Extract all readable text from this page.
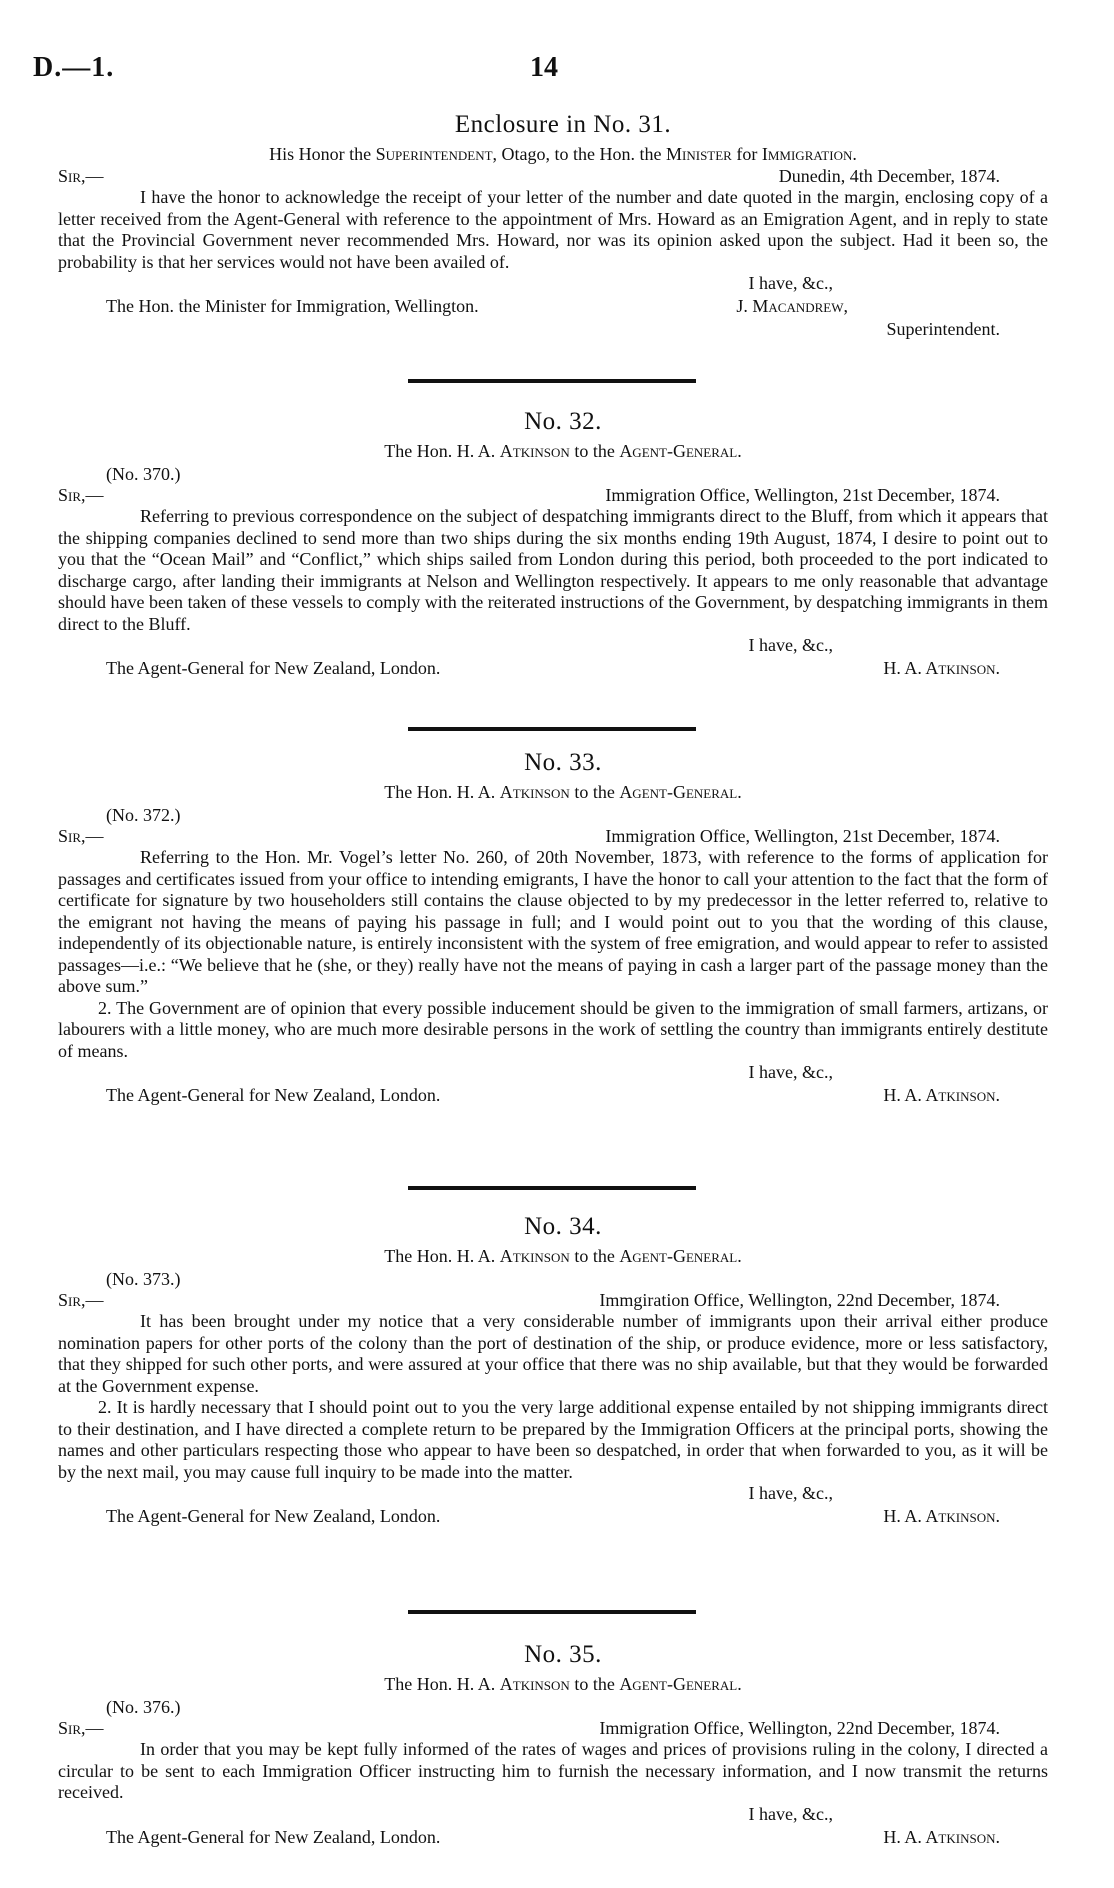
D.—1.	14
Enclosure in No. 31.
His Honor the Superintendent, Otago, to the Hon. the Minister for Immigration.
Sir,—	Dunedin, 4th December, 1874.

I have the honor to acknowledge the receipt of your letter of the number and date quoted in the margin, enclosing copy of a letter received from the Agent-General with reference to the appointment of Mrs. Howard as an Emigration Agent, and in reply to state that the Provincial Government never recommended Mrs. Howard, nor was its opinion asked upon the subject. Had it been so, the probability is that her services would not have been availed of.

I have, &c.,
The Hon. the Minister for Immigration, Wellington.	J. Macandrew,
Superintendent.
No. 32.
The Hon. H. A. Atkinson to the Agent-General.
(No. 370.)
Sir,—	Immigration Office, Wellington, 21st December, 1874.

Referring to previous correspondence on the subject of despatching immigrants direct to the Bluff, from which it appears that the shipping companies declined to send more than two ships during the six months ending 19th August, 1874, I desire to point out to you that the “Ocean Mail” and “Conflict,” which ships sailed from London during this period, both proceeded to the port indicated to discharge cargo, after landing their immigrants at Nelson and Wellington respectively. It appears to me only reasonable that advantage should have been taken of these vessels to comply with the reiterated instructions of the Government, by despatching immigrants in them direct to the Bluff.

I have, &c.,
The Agent-General for New Zealand, London.	H. A. Atkinson.
No. 33.
The Hon. H. A. Atkinson to the Agent-General.
(No. 372.)
Sir,—	Immigration Office, Wellington, 21st December, 1874.

Referring to the Hon. Mr. Vogel’s letter No. 260, of 20th November, 1873, with reference to the forms of application for passages and certificates issued from your office to intending emigrants, I have the honor to call your attention to the fact that the form of certificate for signature by two householders still contains the clause objected to by my predecessor in the letter referred to, relative to the emigrant not having the means of paying his passage in full; and I would point out to you that the wording of this clause, independently of its objectionable nature, is entirely inconsistent with the system of free emigration, and would appear to refer to assisted passages—i.e.: “We believe that he (she, or they) really have not the means of paying in cash a larger part of the passage money than the above sum.”

2. The Government are of opinion that every possible inducement should be given to the immigration of small farmers, artizans, or labourers with a little money, who are much more desirable persons in the work of settling the country than immigrants entirely destitute of means.

I have, &c.,
The Agent-General for New Zealand, London.	H. A. Atkinson.
No. 34.
The Hon. H. A. Atkinson to the Agent-General.
(No. 373.)
Sir,—	Immgiration Office, Wellington, 22nd December, 1874.

It has been brought under my notice that a very considerable number of immigrants upon their arrival either produce nomination papers for other ports of the colony than the port of destination of the ship, or produce evidence, more or less satisfactory, that they shipped for such other ports, and were assured at your office that there was no ship available, but that they would be forwarded at the Government expense.

2. It is hardly necessary that I should point out to you the very large additional expense entailed by not shipping immigrants direct to their destination, and I have directed a complete return to be prepared by the Immigration Officers at the principal ports, showing the names and other particulars respecting those who appear to have been so despatched, in order that when forwarded to you, as it will be by the next mail, you may cause full inquiry to be made into the matter.

I have, &c.,
The Agent-General for New Zealand, London.	H. A. Atkinson.
No. 35.
The Hon. H. A. Atkinson to the Agent-General.
(No. 376.)
Sir,—	Immigration Office, Wellington, 22nd December, 1874.

In order that you may be kept fully informed of the rates of wages and prices of provisions ruling in the colony, I directed a circular to be sent to each Immigration Officer instructing him to furnish the necessary information, and I now transmit the returns received.

I have, &c.,
The Agent-General for New Zealand, London.	H. A. Atkinson.
